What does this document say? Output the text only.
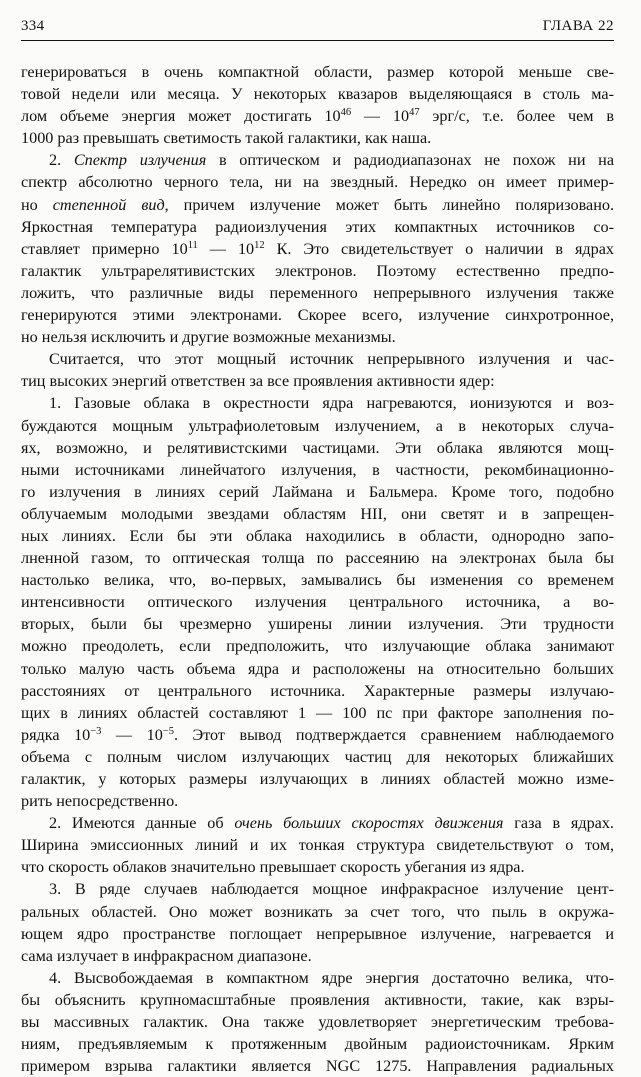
334	ГЛАВА 22
генерироваться в очень компактной области, размер которой меньше све-
товой недели или месяца. У некоторых квазаров выделяющаяся в столь ма-
лом объеме энергия может достигать $10^{46}$ — $10^{47}$ эрг/с, т.е. более чем в
1000 раз превышать светимость такой галактики, как наша.
2. Спектр излучения в оптическом и радиодиапазонах не похож ни на
спектр абсолютно черного тела, ни на звездный. Нередко он имеет пример-
но степенной вид, причем излучение может быть линейно поляризовано.
Яркостная температура радиоизлучения этих компактных источников со-
ставляет примерно $10^{11}$ — $10^{12}$ К. Это свидетельствует о наличии в ядрах
галактик ультрарелятивистских электронов. Поэтому естественно предпо-
ложить, что различные виды переменного непрерывного излучения также
генерируются этими электронами. Скорее всего, излучение синхротронное,
но нельзя исключить и другие возможные механизмы.
Считается, что этот мощный источник непрерывного излучения и час-
тиц высоких энергий ответствен за все проявления активности ядер:
1. Газовые облака в окрестности ядра нагреваются, ионизуются и воз-
буждаются мощным ультрафиолетовым излучением, а в некоторых случа-
ях, возможно, и релятивистскими частицами. Эти облака являются мощ-
ными источниками линейчатого излучения, в частности, рекомбинационно-
го излучения в линиях серий Лаймана и Бальмера. Кроме того, подобно
облучаемым молодыми звездами областям HII, они светят и в запрещен-
ных линиях. Если бы эти облака находились в области, однородно запо-
лненной газом, то оптическая толща по рассеянию на электронах была бы
настолько велика, что, во-первых, замывались бы изменения со временем
интенсивности оптического излучения центрального источника, а во-
вторых, были бы чрезмерно уширены линии излучения. Эти трудности
можно преодолеть, если предположить, что излучающие облака занимают
только малую часть объема ядра и расположены на относительно больших
расстояниях от центрального источника. Характерные размеры излучаю-
щих в линиях областей составляют 1 — 100 пс при факторе заполнения по-
рядка $10^{-3}$ — $10^{-5}$. Этот вывод подтверждается сравнением наблюдаемого
объема с полным числом излучающих частиц для некоторых ближайших
галактик, у которых размеры излучающих в линиях областей можно измe-
рить непосредственно.
2. Имеются данные об очень больших скоростях движения газа в ядрах.
Ширина эмиссионных линий и их тонкая структура свидетельствуют о том,
что скорость облаков значительно превышает скорость убегания из ядра.
3. В ряде случаев наблюдается мощное инфракрасное излучение цент-
ральных областей. Оно может возникать за счет того, что пыль в окружа-
ющем ядро пространстве поглощает непрерывное излучение, нагревается и
сама излучает в инфракрасном диапазоне.
4. Высвобождаемая в компактном ядре энергия достаточно велика, что-
бы объяснить крупномасштабные проявления активности, такие, как взры-
вы массивных галактик. Она также удовлетворяет энергетическим требова-
ниям, предъявляемым к протяженным двойным радиоисточникам. Ярким
примером взрыва галактики является NGC 1275. Направления радиальных
